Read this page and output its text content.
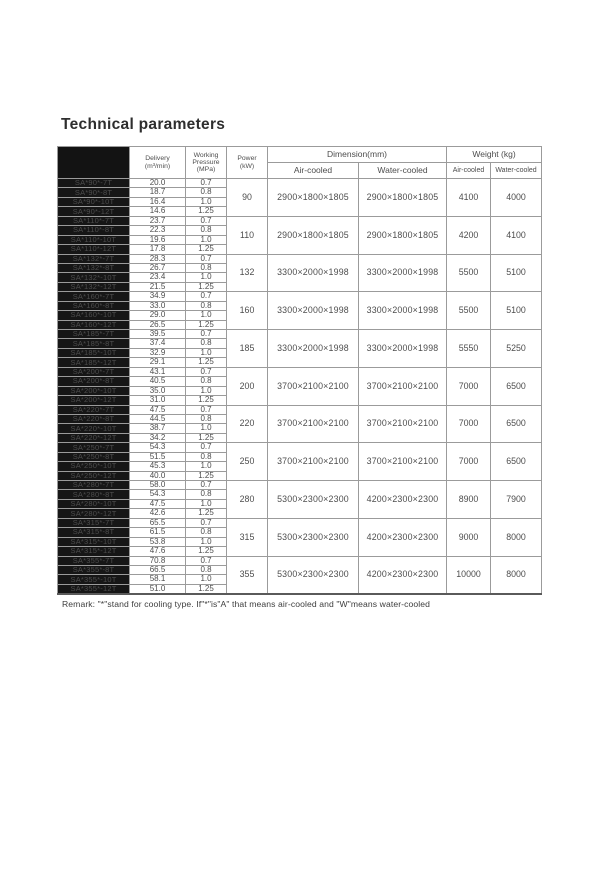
Technical parameters

Delivery
(m³/min)

Working
Pressure
(MPa)

Power
(kW)
	Dimension(mm)	Weight (kg)
				Air-cooled	Water-cooled	Air-cooled	Water-cooled
SA*90*-7T	20.0	0.7	90	2900×1800×1805	2900×1800×1805	4100	4000
SA*90*-8T	18.7	0.8					
SA*90*-10T	16.4	1.0					
SA*90*-12T	14.6	1.25					
SA*110*-7T	23.7	0.7	110	2900×1800×1805	2900×1800×1805	4200	4100
SA*110*-8T	22.3	0.8					
SA*110*-10T	19.6	1.0					
SA*110*-12T	17.8	1.25					
SA*132*-7T	28.3	0.7	132	3300×2000×1998	3300×2000×1998	5500	5100
SA*132*-8T	26.7	0.8					
SA*132*-10T	23.4	1.0					
SA*132*-12T	21.5	1.25					
SA*160*-7T	34.9	0.7	160	3300×2000×1998	3300×2000×1998	5500	5100
SA*160*-8T	33.0	0.8					
SA*160*-10T	29.0	1.0					
SA*160*-12T	26.5	1.25					
SA*185*-7T	39.5	0.7	185	3300×2000×1998	3300×2000×1998	5550	5250
SA*185*-8T	37.4	0.8					
SA*185*-10T	32.9	1.0					
SA*185*-12T	29.1	1.25					
SA*200*-7T	43.1	0.7	200	3700×2100×2100	3700×2100×2100	7000	6500
SA*200*-8T	40.5	0.8					
SA*200*-10T	35.0	1.0					
SA*200*-12T	31.0	1.25					
SA*220*-7T	47.5	0.7	220	3700×2100×2100	3700×2100×2100	7000	6500
SA*220*-8T	44.5	0.8					
SA*220*-10T	38.7	1.0					
SA*220*-12T	34.2	1.25					
SA*250*-7T	54.3	0.7	250	3700×2100×2100	3700×2100×2100	7000	6500
SA*250*-8T	51.5	0.8					
SA*250*-10T	45.3	1.0					
SA*250*-12T	40.0	1.25					
SA*280*-7T	58.0	0.7	280	5300×2300×2300	4200×2300×2300	8900	7900
SA*280*-8T	54.3	0.8					
SA*280*-10T	47.5	1.0					
SA*280*-12T	42.6	1.25					
SA*315*-7T	65.5	0.7	315	5300×2300×2300	4200×2300×2300	9000	8000
SA*315*-8T	61.5	0.8					
SA*315*-10T	53.8	1.0					
SA*315*-12T	47.6	1.25					
SA*355*-7T	70.8	0.7	355	5300×2300×2300	4200×2300×2300	10000	8000
SA*355*-8T	66.5	0.8					
SA*355*-10T	58.1	1.0					
SA*355*-12T	51.0	1.25					
Remark: "*"stand for cooling type. If"*"is"A" that means air-cooled and "W"means water-cooled
